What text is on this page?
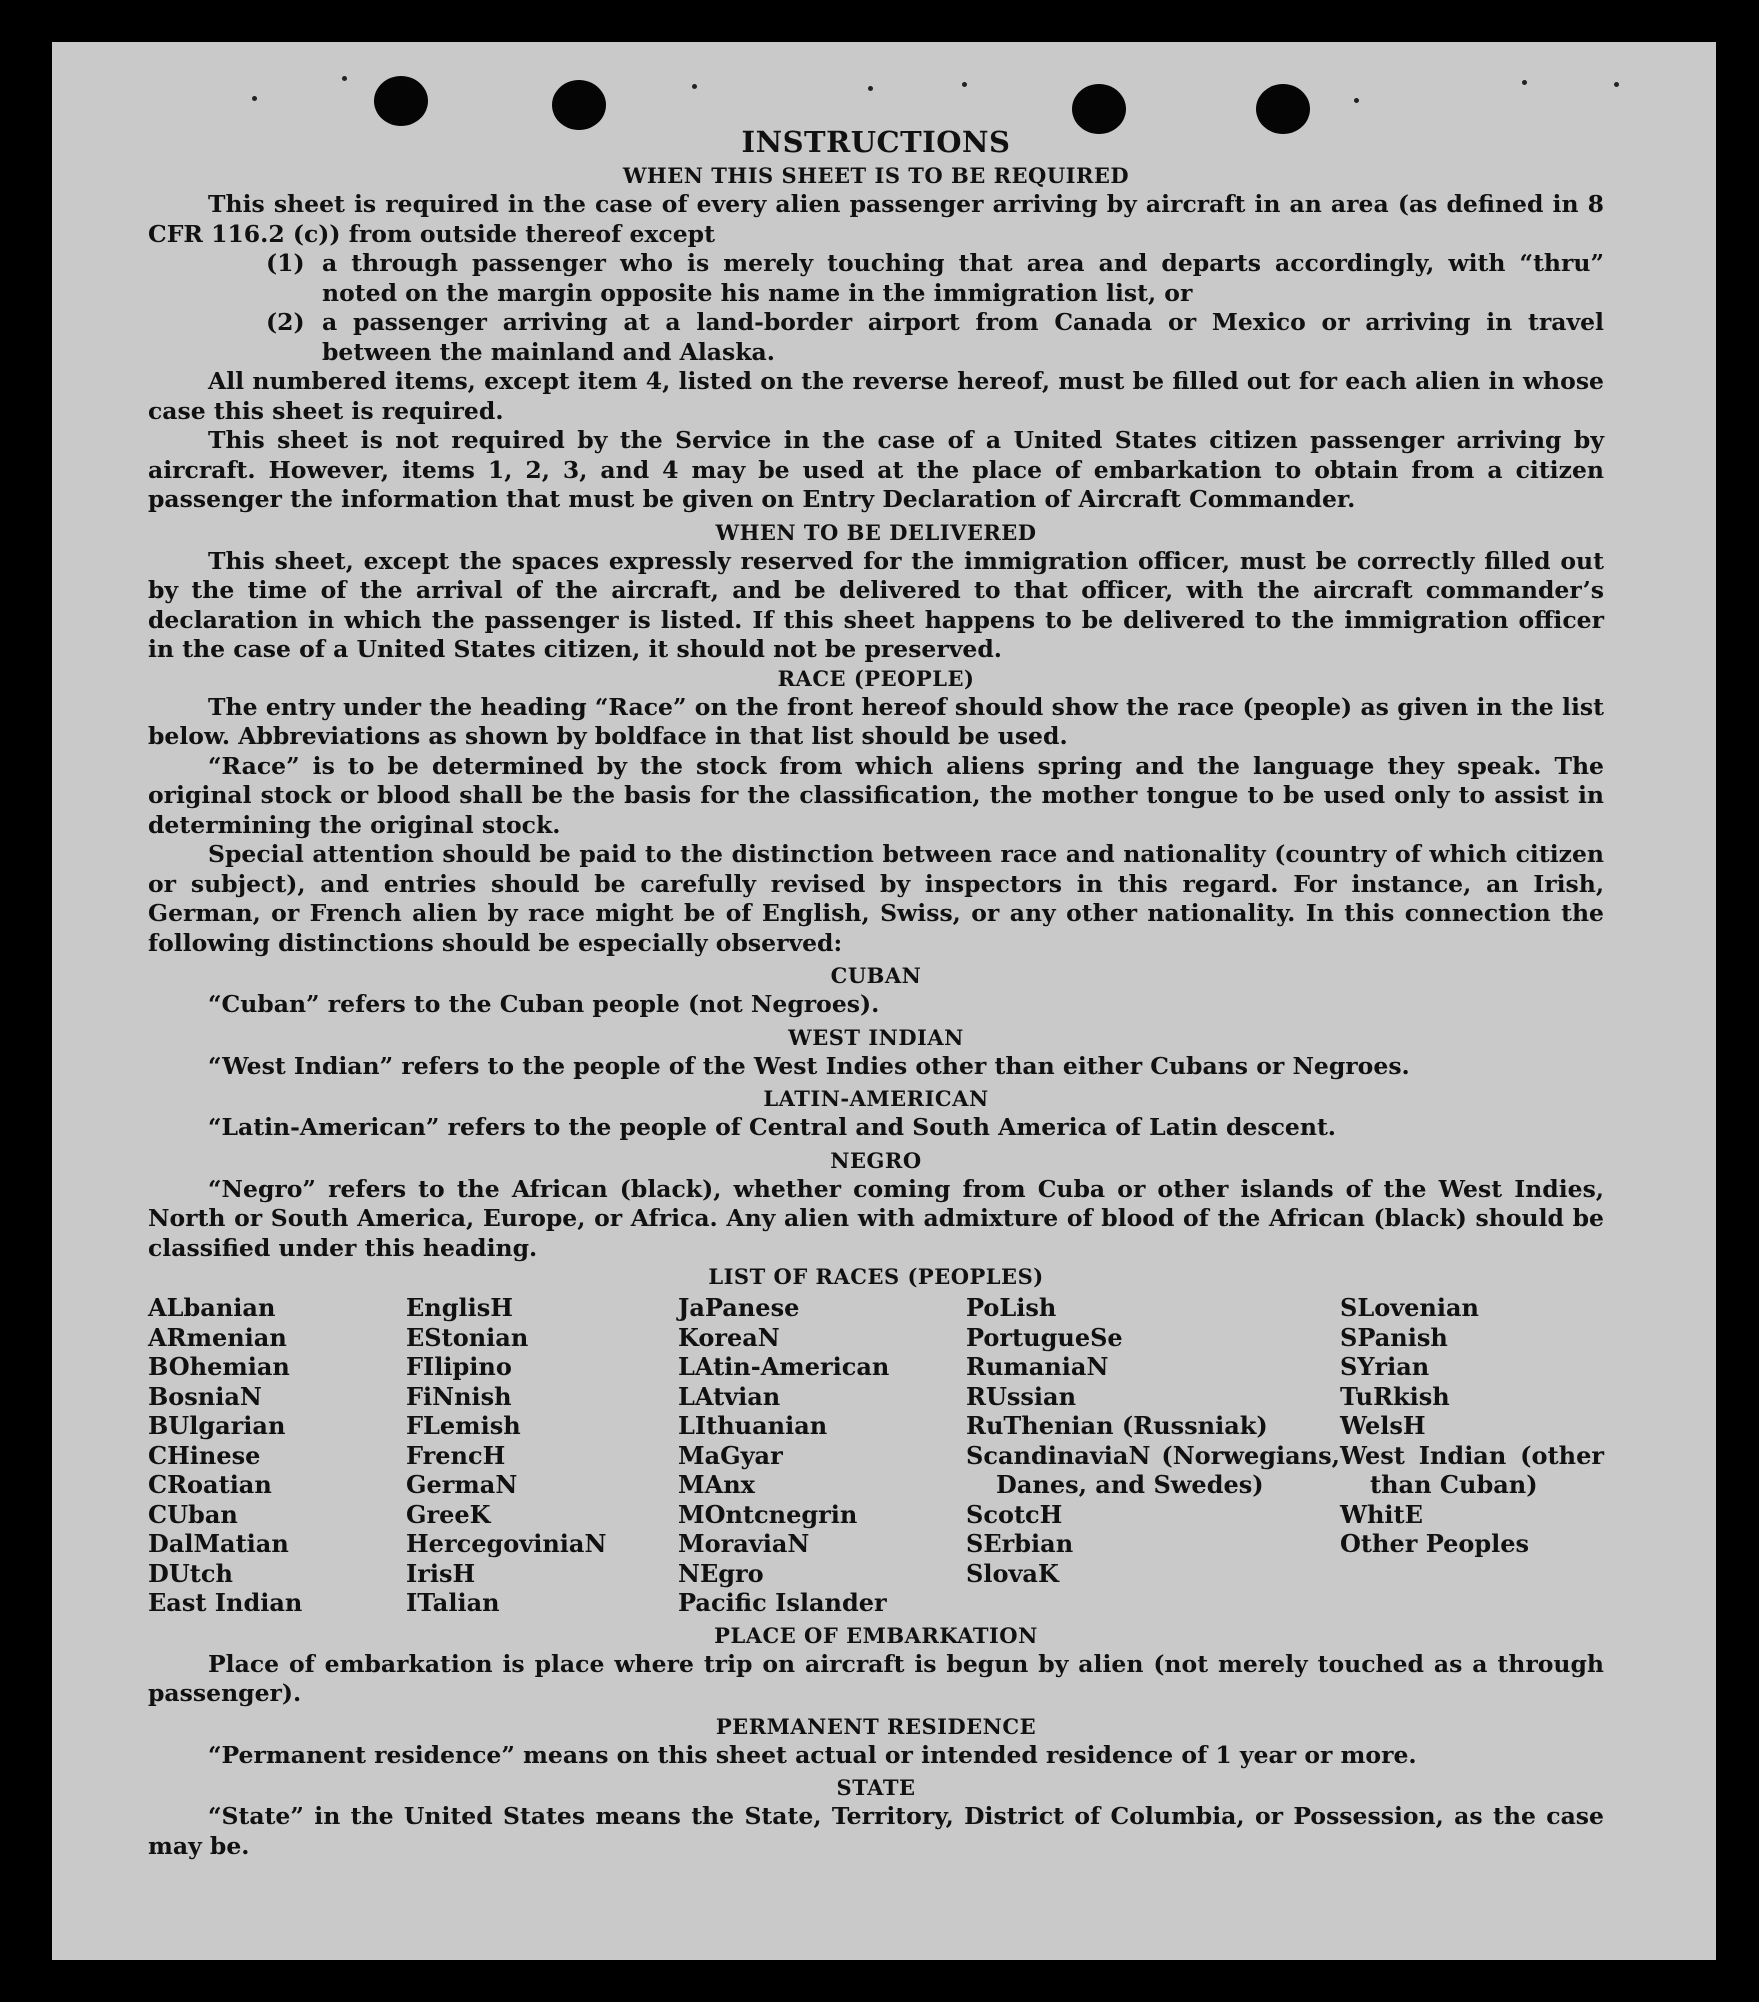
INSTRUCTIONS
WHEN THIS SHEET IS TO BE REQUIRED

This sheet is required in the case of every alien passenger arriving by aircraft in an area (as defined in 8 CFR 116.2 (c)) from outside thereof except

(1) a through passenger who is merely touching that area and departs accordingly, with “thru” noted on the margin opposite his name in the immigration list, or
(2) a passenger arriving at a land-border airport from Canada or Mexico or arriving in travel between the mainland and Alaska.

All numbered items, except item 4, listed on the reverse hereof, must be filled out for each alien in whose case this sheet is required.

This sheet is not required by the Service in the case of a United States citizen passenger arriving by aircraft. However, items 1, 2, 3, and 4 may be used at the place of embarkation to obtain from a citizen passenger the information that must be given on Entry Declaration of Aircraft Commander.

WHEN TO BE DELIVERED

This sheet, except the spaces expressly reserved for the immigration officer, must be correctly filled out by the time of the arrival of the aircraft, and be delivered to that officer, with the aircraft commander’s declaration in which the passenger is listed. If this sheet happens to be delivered to the immigration officer in the case of a United States citizen, it should not be preserved.

RACE (PEOPLE)

The entry under the heading “Race” on the front hereof should show the race (people) as given in the list below. Abbreviations as shown by boldface in that list should be used.

“Race” is to be determined by the stock from which aliens spring and the language they speak. The original stock or blood shall be the basis for the classification, the mother tongue to be used only to assist in determining the original stock.

Special attention should be paid to the distinction between race and nationality (country of which citizen or subject), and entries should be carefully revised by inspectors in this regard. For instance, an Irish, German, or French alien by race might be of English, Swiss, or any other nationality. In this connection the following distinctions should be especially observed:

CUBAN

“Cuban” refers to the Cuban people (not Negroes).

WEST INDIAN

“West Indian” refers to the people of the West Indies other than either Cubans or Negroes.

LATIN-AMERICAN

“Latin-American” refers to the people of Central and South America of Latin descent.

NEGRO

“Negro” refers to the African (black), whether coming from Cuba or other islands of the West Indies, North or South America, Europe, or Africa. Any alien with admixture of blood of the African (black) should be classified under this heading.

LIST OF RACES (PEOPLES)
ALbanian
ARmenian
BOhemian
BosniaN
BUlgarian
CHinese
CRoatian
CUban
DalMatian
DUtch
East Indian
EnglisH
EStonian
FIlipino
FiNnish
FLemish
FrencH
GermaN
GreeK
HercegoviniaN
IrisH
ITalian
JaPanese
KoreaN
LAtin-American
LAtvian
LIthuanian
MaGyar
MAnx
MOntcnegrin
MoraviaN
NEgro
Pacific Islander
PoLish
PortugueSe
RumaniaN
RUssian
RuThenian (Russniak)
ScandinaviaN (Norwegians, Danes, and Swedes)
ScotcH
SErbian
SlovaK
SLovenian
SPanish
SYrian
TuRkish
WelsH
West Indian (other than Cuban)
WhitE
Other Peoples
PLACE OF EMBARKATION

Place of embarkation is place where trip on aircraft is begun by alien (not merely touched as a through passenger).

PERMANENT RESIDENCE

“Permanent residence” means on this sheet actual or intended residence of 1 year or more.

STATE

“State” in the United States means the State, Territory, District of Columbia, or Possession, as the case may be.
